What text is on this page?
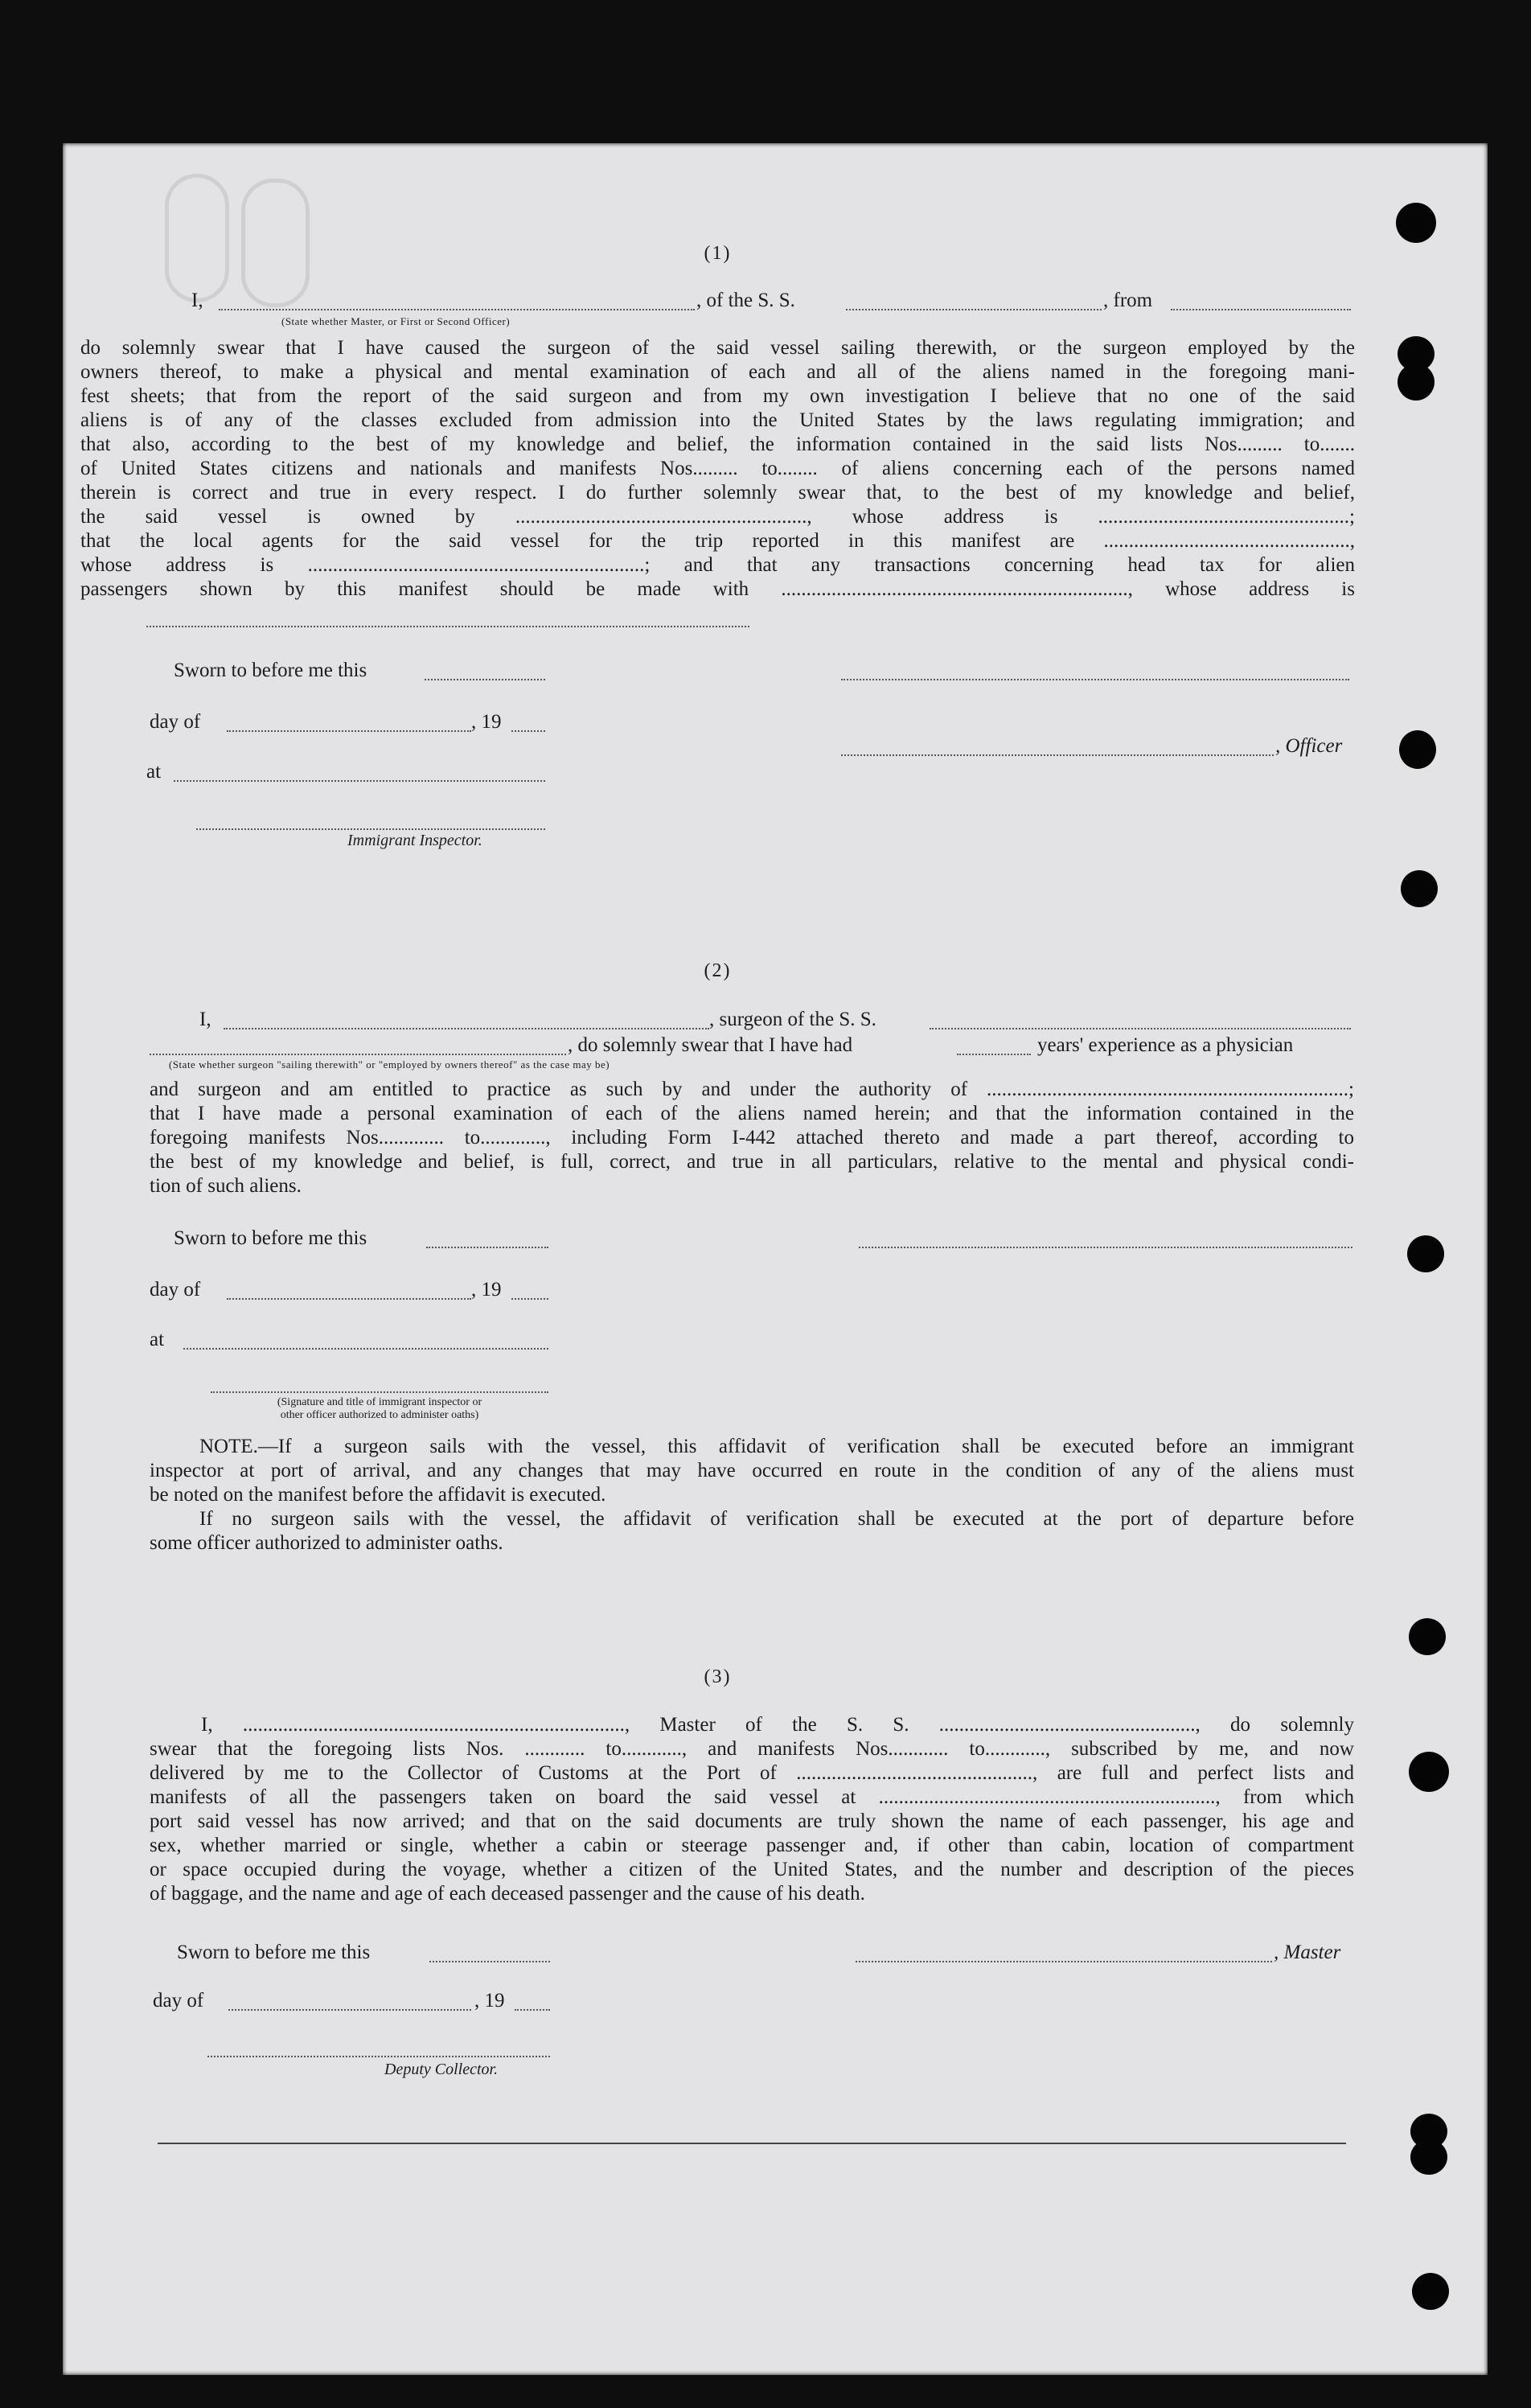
(1)

I,	, of the S. S.	, from
(State whether Master, or First or Second Officer)
do solemnly swear that I have caused the surgeon of the said vessel sailing therewith, or the surgeon employed by the
owners thereof, to make a physical and mental examination of each and all of the aliens named in the foregoing mani-
fest sheets; that from the report of the said surgeon and from my own investigation I believe that no one of the said
aliens is of any of the classes excluded from admission into the United States by the laws regulating immigration; and
that also, according to the best of my knowledge and belief, the information contained in the said lists Nos......... to.......
of United States citizens and nationals and manifests Nos......... to........ of aliens concerning each of the persons named
therein is correct and true in every respect. I do further solemnly swear that, to the best of my knowledge and belief,
the said vessel is owned by .........................................................., whose address is ..................................................;
that the local agents for the said vessel for the trip reported in this manifest are .................................................,
whose address is ...................................................................; and that any transactions concerning head tax for alien
passengers shown by this manifest should be made with ....................................................................., whose address is
Sworn to before me this
day of	, 19
, Officer
at
Immigrant Inspector.

(2)

I,	, surgeon of the S. S.
, do solemnly swear that I have had	years' experience as a physician
(State whether surgeon "sailing therewith" or "employed by owners thereof" as the case may be)
and surgeon and am entitled to practice as such by and under the authority of ........................................................................;
that I have made a personal examination of each of the aliens named herein; and that the information contained in the
foregoing manifests Nos............. to............., including Form I-442 attached thereto and made a part thereof, according to
the best of my knowledge and belief, is full, correct, and true in all particulars, relative to the mental and physical condi-
tion of such aliens.
Sworn to before me this
day of	, 19
at
(Signature and title of immigrant inspector or
other officer authorized to administer oaths)
NOTE.—If a surgeon sails with the vessel, this affidavit of verification shall be executed before an immigrant
inspector at port of arrival, and any changes that may have occurred en route in the condition of any of the aliens must
be noted on the manifest before the affidavit is executed.
If no surgeon sails with the vessel, the affidavit of verification shall be executed at the port of departure before
some officer authorized to administer oaths.

(3)

I, ............................................................................, Master of the S. S. ..................................................., do solemnly
swear that the foregoing lists Nos. ............ to............, and manifests Nos............ to............, subscribed by me, and now
delivered by me to the Collector of Customs at the Port of ..............................................., are full and perfect lists and
manifests of all the passengers taken on board the said vessel at ..................................................................., from which
port said vessel has now arrived; and that on the said documents are truly shown the name of each passenger, his age and
sex, whether married or single, whether a cabin or steerage passenger and, if other than cabin, location of compartment
or space occupied during the voyage, whether a citizen of the United States, and the number and description of the pieces
of baggage, and the name and age of each deceased passenger and the cause of his death.
Sworn to before me this	, Master
day of	, 19
Deputy Collector.
